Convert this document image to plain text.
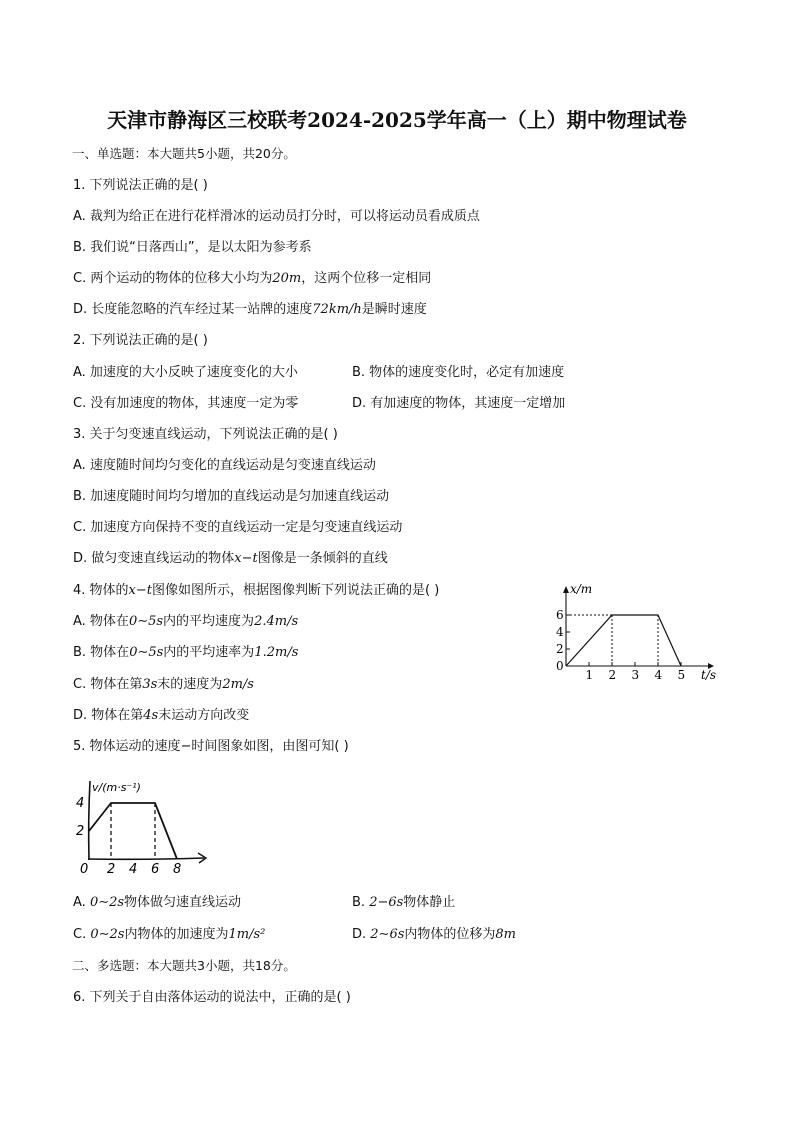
天津市静海区三校联考2024-2025学年高一（上）期中物理试卷
一、单选题：本大题共5小题，共20分。
1. 下列说法正确的是( )
A. 裁判为给正在进行花样滑冰的运动员打分时，可以将运动员看成质点
B. 我们说“日落西山”，是以太阳为参考系
C. 两个运动的物体的位移大小均为20m，这两个位移一定相同
D. 长度能忽略的汽车经过某一站牌的速度72km/h是瞬时速度
2. 下列说法正确的是( )
A. 加速度的大小反映了速度变化的大小	B. 物体的速度变化时，必定有加速度
C. 没有加速度的物体，其速度一定为零	D. 有加速度的物体，其速度一定增加
3. 关于匀变速直线运动，下列说法正确的是( )
A. 速度随时间均匀变化的直线运动是匀变速直线运动
B. 加速度随时间均匀增加的直线运动是匀加速直线运动
C. 加速度方向保持不变的直线运动一定是匀变速直线运动
D. 做匀变速直线运动的物体x−t图像是一条倾斜的直线
4. 物体的x−t图像如图所示，根据图像判断下列说法正确的是( )
A. 物体在0∼5s内的平均速度为2.4m/s
B. 物体在0∼5s内的平均速率为1.2m/s
C. 物体在第3s末的速度为2m/s
D. 物体在第4s末运动方向改变
x/m
t/s
6
4
2
0
1 2 3 4 5
5. 物体运动的速度−时间图象如图，由图可知( )
v/(m·s⁻¹)
4
2
0 2 4 6 8
A. 0∼2s物体做匀速直线运动	B. 2−6s物体静止
C. 0∼2s内物体的加速度为1m/s²	D. 2∼6s内物体的位移为8m
二、多选题：本大题共3小题，共18分。
6. 下列关于自由落体运动的说法中，正确的是( )
